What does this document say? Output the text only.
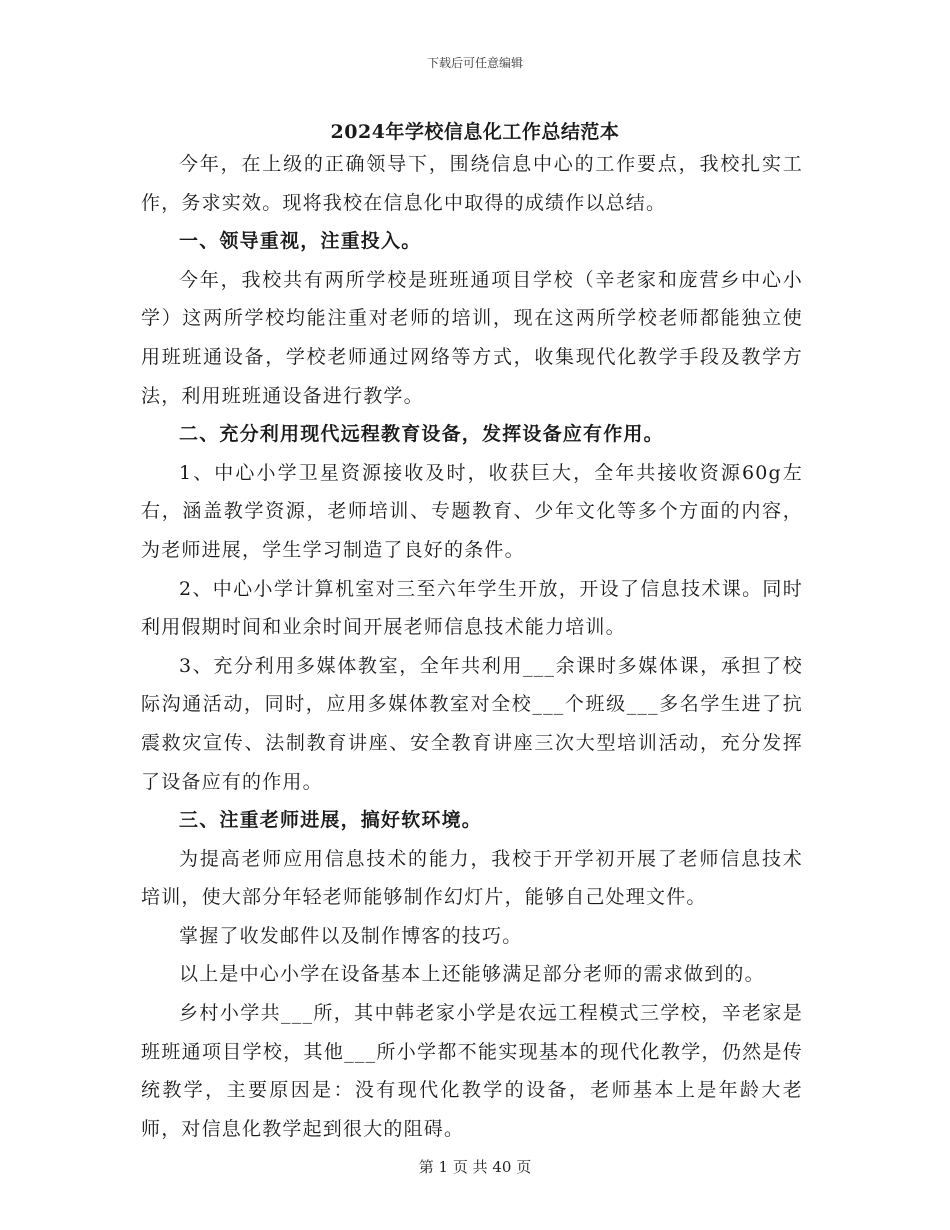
下载后可任意编辑
2024年学校信息化工作总结范本

今年，在上级的正确领导下，围绕信息中心的工作要点，我校扎实工作，务求实效。现将我校在信息化中取得的成绩作以总结。

一、领导重视，注重投入。

今年，我校共有两所学校是班班通项目学校（辛老家和庞营乡中心小学）这两所学校均能注重对老师的培训，现在这两所学校老师都能独立使用班班通设备，学校老师通过网络等方式，收集现代化教学手段及教学方法，利用班班通设备进行教学。

二、充分利用现代远程教育设备，发挥设备应有作用。

1、中心小学卫星资源接收及时，收获巨大，全年共接收资源60g左右，涵盖教学资源，老师培训、专题教育、少年文化等多个方面的内容，为老师进展，学生学习制造了良好的条件。

2、中心小学计算机室对三至六年学生开放，开设了信息技术课。同时利用假期时间和业余时间开展老师信息技术能力培训。

3、充分利用多媒体教室，全年共利用___余课时多媒体课，承担了校际沟通活动，同时，应用多媒体教室对全校___个班级___多名学生进了抗震救灾宣传、法制教育讲座、安全教育讲座三次大型培训活动，充分发挥了设备应有的作用。

三、注重老师进展，搞好软环境。

为提高老师应用信息技术的能力，我校于开学初开展了老师信息技术培训，使大部分年轻老师能够制作幻灯片，能够自己处理文件。

掌握了收发邮件以及制作博客的技巧。

以上是中心小学在设备基本上还能够满足部分老师的需求做到的。

乡村小学共___所，其中韩老家小学是农远工程模式三学校，辛老家是班班通项目学校，其他___所小学都不能实现基本的现代化教学，仍然是传统教学，主要原因是：没有现代化教学的设备，老师基本上是年龄大老师，对信息化教学起到很大的阻碍。

第 1 页 共 40 页
